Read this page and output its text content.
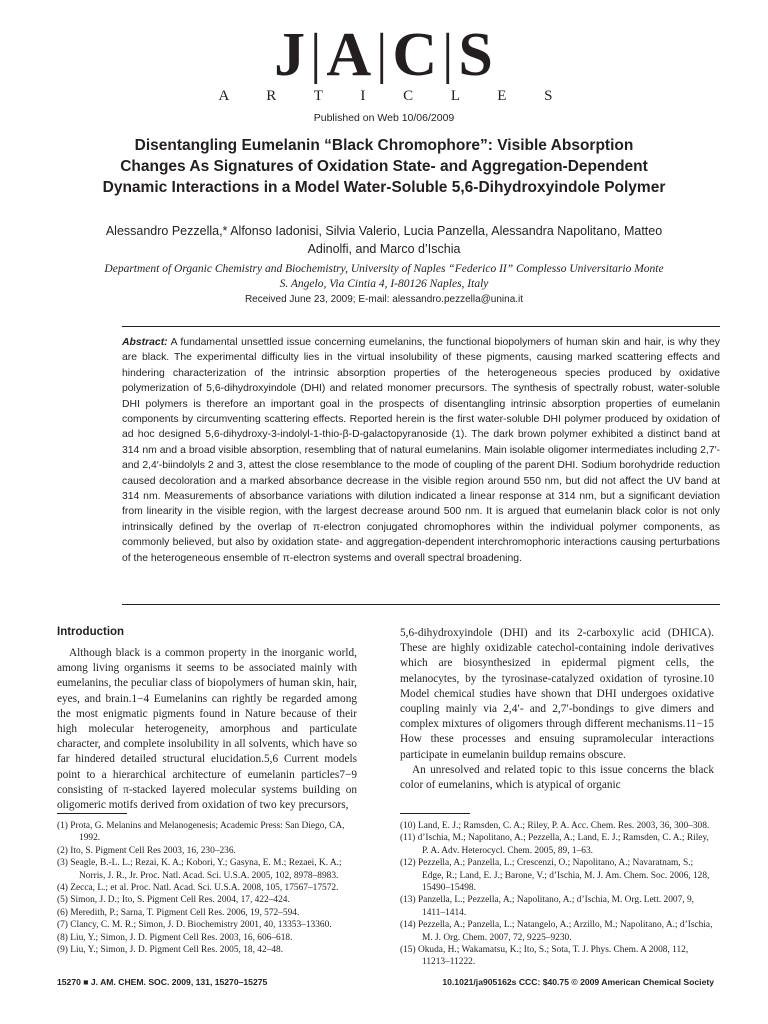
J|A|C|S
A R T I C L E S
Published on Web 10/06/2009
Disentangling Eumelanin “Black Chromophore”: Visible Absorption Changes As Signatures of Oxidation State- and Aggregation-Dependent Dynamic Interactions in a Model Water-Soluble 5,6-Dihydroxyindole Polymer
Alessandro Pezzella,* Alfonso Iadonisi, Silvia Valerio, Lucia Panzella, Alessandra Napolitano, Matteo Adinolfi, and Marco d’Ischia
Department of Organic Chemistry and Biochemistry, University of Naples “Federico II” Complesso Universitario Monte S. Angelo, Via Cintia 4, I-80126 Naples, Italy
Received June 23, 2009; E-mail: alessandro.pezzella@unina.it
Abstract: A fundamental unsettled issue concerning eumelanins, the functional biopolymers of human skin and hair, is why they are black. The experimental difficulty lies in the virtual insolubility of these pigments, causing marked scattering effects and hindering characterization of the intrinsic absorption properties of the heterogeneous species produced by oxidative polymerization of 5,6-dihydroxyindole (DHI) and related monomer precursors. The synthesis of spectrally robust, water-soluble DHI polymers is therefore an important goal in the prospects of disentangling intrinsic absorption properties of eumelanin components by circumventing scattering effects. Reported herein is the first water-soluble DHI polymer produced by oxidation of ad hoc designed 5,6-dihydroxy-3-indolyl-1-thio-β-D-galactopyranoside (1). The dark brown polymer exhibited a distinct band at 314 nm and a broad visible absorption, resembling that of natural eumelanins. Main isolable oligomer intermediates including 2,7′- and 2,4′-biindolyls 2 and 3, attest the close resemblance to the mode of coupling of the parent DHI. Sodium borohydride reduction caused decoloration and a marked absorbance decrease in the visible region around 550 nm, but did not affect the UV band at 314 nm. Measurements of absorbance variations with dilution indicated a linear response at 314 nm, but a significant deviation from linearity in the visible region, with the largest decrease around 500 nm. It is argued that eumelanin black color is not only intrinsically defined by the overlap of π-electron conjugated chromophores within the individual polymer components, as commonly believed, but also by oxidation state- and aggregation-dependent interchromophoric interactions causing perturbations of the heterogeneous ensemble of π-electron systems and overall spectral broadening.
Introduction
Although black is a common property in the inorganic world, among living organisms it seems to be associated mainly with eumelanins, the peculiar class of biopolymers of human skin, hair, eyes, and brain.1−4 Eumelanins can rightly be regarded among the most enigmatic pigments found in Nature because of their high molecular heterogeneity, amorphous and particulate character, and complete insolubility in all solvents, which have so far hindered detailed structural elucidation.5,6 Current models point to a hierarchical architecture of eumelanin particles7−9 consisting of π-stacked layered molecular systems building on oligomeric motifs derived from oxidation of two key precursors,

5,6-dihydroxyindole (DHI) and its 2-carboxylic acid (DHICA). These are highly oxidizable catechol-containing indole derivatives which are biosynthesized in epidermal pigment cells, the melanocytes, by the tyrosinase-catalyzed oxidation of tyrosine.10 Model chemical studies have shown that DHI undergoes oxidative coupling mainly via 2,4′- and 2,7′-bondings to give dimers and complex mixtures of oligomers through different mechanisms.11−15 How these processes and ensuing supramolecular interactions participate in eumelanin buildup remains obscure.

An unresolved and related topic to this issue concerns the black color of eumelanins, which is atypical of organic

(1) Prota, G. Melanins and Melanogenesis; Academic Press: San Diego, CA, 1992.
(2) Ito, S. Pigment Cell Res 2003, 16, 230–236.
(3) Seagle, B.-L. L.; Rezai, K. A.; Kobori, Y.; Gasyna, E. M.; Rezaei, K. A.; Norris, J. R., Jr. Proc. Natl. Acad. Sci. U.S.A. 2005, 102, 8978–8983.
(4) Zecca, L.; et al. Proc. Natl. Acad. Sci. U.S.A. 2008, 105, 17567–17572.
(5) Simon, J. D.; Ito, S. Pigment Cell Res. 2004, 17, 422–424.
(6) Meredith, P.; Sarna, T. Pigment Cell Res. 2006, 19, 572–594.
(7) Clancy, C. M. R.; Simon, J. D. Biochemistry 2001, 40, 13353–13360.
(8) Liu, Y.; Simon, J. D. Pigment Cell Res. 2003, 16, 606–618.
(9) Liu, Y.; Simon, J. D. Pigment Cell Res. 2005, 18, 42–48.
(10) Land, E. J.; Ramsden, C. A.; Riley, P. A. Acc. Chem. Res. 2003, 36, 300–308.
(11) d’Ischia, M.; Napolitano, A.; Pezzella, A.; Land, E. J.; Ramsden, C. A.; Riley, P. A. Adv. Heterocycl. Chem. 2005, 89, 1–63.
(12) Pezzella, A.; Panzella, L.; Crescenzi, O.; Napolitano, A.; Navaratnam, S.; Edge, R.; Land, E. J.; Barone, V.; d’Ischia, M. J. Am. Chem. Soc. 2006, 128, 15490–15498.
(13) Panzella, L.; Pezzella, A.; Napolitano, A.; d’Ischia, M. Org. Lett. 2007, 9, 1411–1414.
(14) Pezzella, A.; Panzella, L.; Natangelo, A.; Arzillo, M.; Napolitano, A.; d’Ischia, M. J. Org. Chem. 2007, 72, 9225–9230.
(15) Okuda, H.; Wakamatsu, K.; Ito, S.; Sota, T. J. Phys. Chem. A 2008, 112, 11213–11222.
15270 ■ J. AM. CHEM. SOC. 2009, 131, 15270–15275	10.1021/ja905162s CCC: $40.75 © 2009 American Chemical Society
